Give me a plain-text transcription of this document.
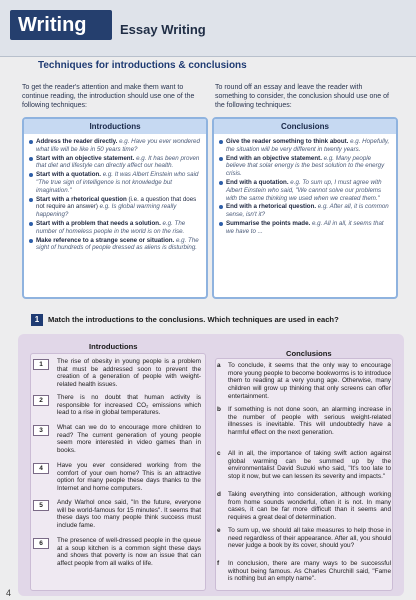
Writing	Essay Writing
Techniques for introductions & conclusions
To get the reader's attention and make them want to continue reading, the introduction should use one of the following techniques:
To round off an essay and leave the reader with something to consider, the conclusion should use one of the following techniques:
Introductions
Address the reader directly. e.g. Have you ever wondered what life will be like in 50 years time?
Start with an objective statement. e.g. It has been proven that diet and lifestyle can directly affect our health.
Start with a quotation. e.g. It was Albert Einstein who said "The true sign of intelligence is not knowledge but imagination."
Start with a rhetorical question (i.e. a question that does not require an answer) e.g. Is global warming really happening?
Start with a problem that needs a solution. e.g. The number of homeless people in the world is on the rise.
Make reference to a strange scene or situation. e.g. The sight of hundreds of people dressed as aliens is disturbing.
Conclusions
Give the reader something to think about. e.g. Hopefully, the situation will be very different in twenty years.
End with an objective statement. e.g. Many people believe that solar energy is the best solution to the energy crisis.
End with a quotation. e.g. To sum up, I must agree with Albert Einstein who said, "We cannot solve our problems with the same thinking we used when we created them."
End with a rhetorical question. e.g. After all, it is common sense, isn't it?
Summarise the points made. e.g. All in all, it seems that we have to ...
1	Match the introductions to the conclusions. Which techniques are used in each?
Introductions
1	The rise of obesity in young people is a problem that must be addressed soon to prevent the creation of a generation of people with weight-related health issues.
2	There is no doubt that human activity is responsible for increased CO₂ emissions which lead to a rise in global temperatures.
3	What can we do to encourage more children to read? The current generation of young people seem more interested in video games than in books.
4	Have you ever considered working from the comfort of your own home? This is an attractive option for many people these days thanks to the Internet and home computers.
5	Andy Warhol once said, "In the future, everyone will be world-famous for 15 minutes". It seems that these days too many people think success must include fame.
6	The presence of well-dressed people in the queue at a soup kitchen is a common sight these days and shows that poverty is now an issue that can affect people from all walks of life.
Conclusions
a To conclude, it seems that the only way to encourage more young people to become bookworms is to introduce them to reading at a very young age. Otherwise, many children will grow up thinking that only screens can offer entertainment.
b If something is not done soon, an alarming increase in the number of people with serious weight-related illnesses is inevitable. This will undoubtedly have a harmful effect on the next generation.
c All in all, the importance of taking swift action against global warming can be summed up by the environmentalist David Suzuki who said, "It's too late to stop it now, but we can lessen its severity and impacts."
d Taking everything into consideration, although working from home sounds wonderful, often it is not. In many cases, it can be far more difficult than it seems and requires a great deal of determination.
e To sum up, we should all take measures to help those in need regardless of their appearance. After all, you should never judge a book by its cover, should you?
f In conclusion, there are many ways to be successful without being famous. As Charles Churchill said, "Fame is nothing but an empty name".
4
